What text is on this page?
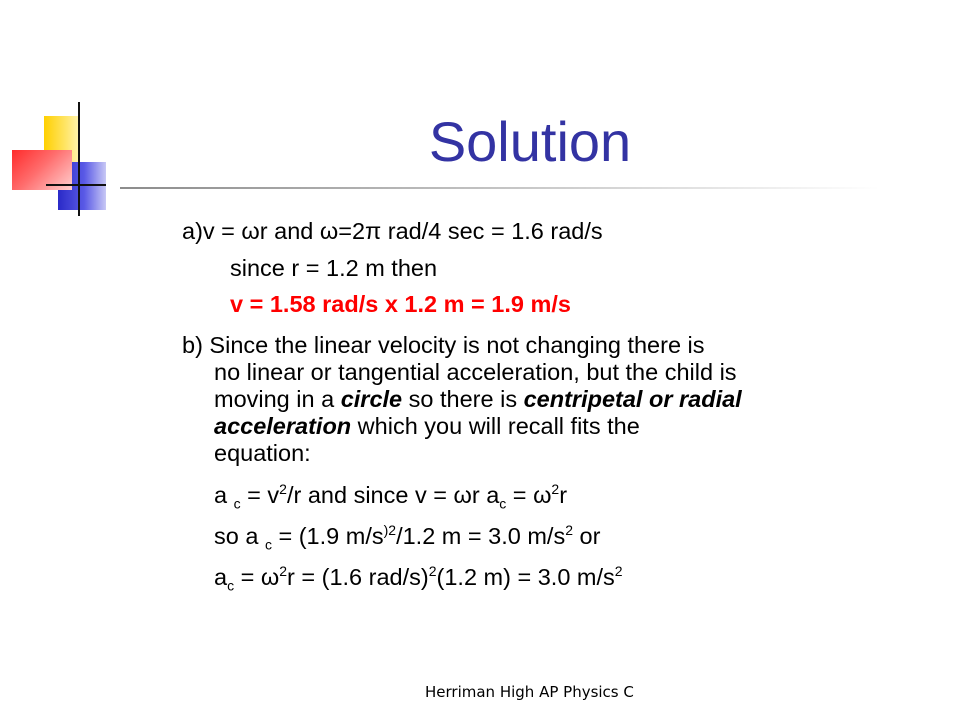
Solution
a)v = ωr and ω=2π rad/4 sec = 1.6 rad/s
since r = 1.2 m then
v = 1.58 rad/s x 1.2 m = 1.9 m/s
b) Since the linear velocity is not changing there is
no linear or tangential acceleration, but the child is
moving in a circle so there is centripetal or radial
acceleration which you will recall fits the
equation:
a $_c = v^2/r$ and since v = ωr $a_c = \omega^2r$
so a $_c$ = (1.9 $m/s^{)2}/1.2$ m = 3.0 $m/s^2$ or
$a_c = \omega^2r = (1.6$ rad/s)$^2$(1.2 m) = 3.0 $m/s^2$
Herriman High AP Physics C
